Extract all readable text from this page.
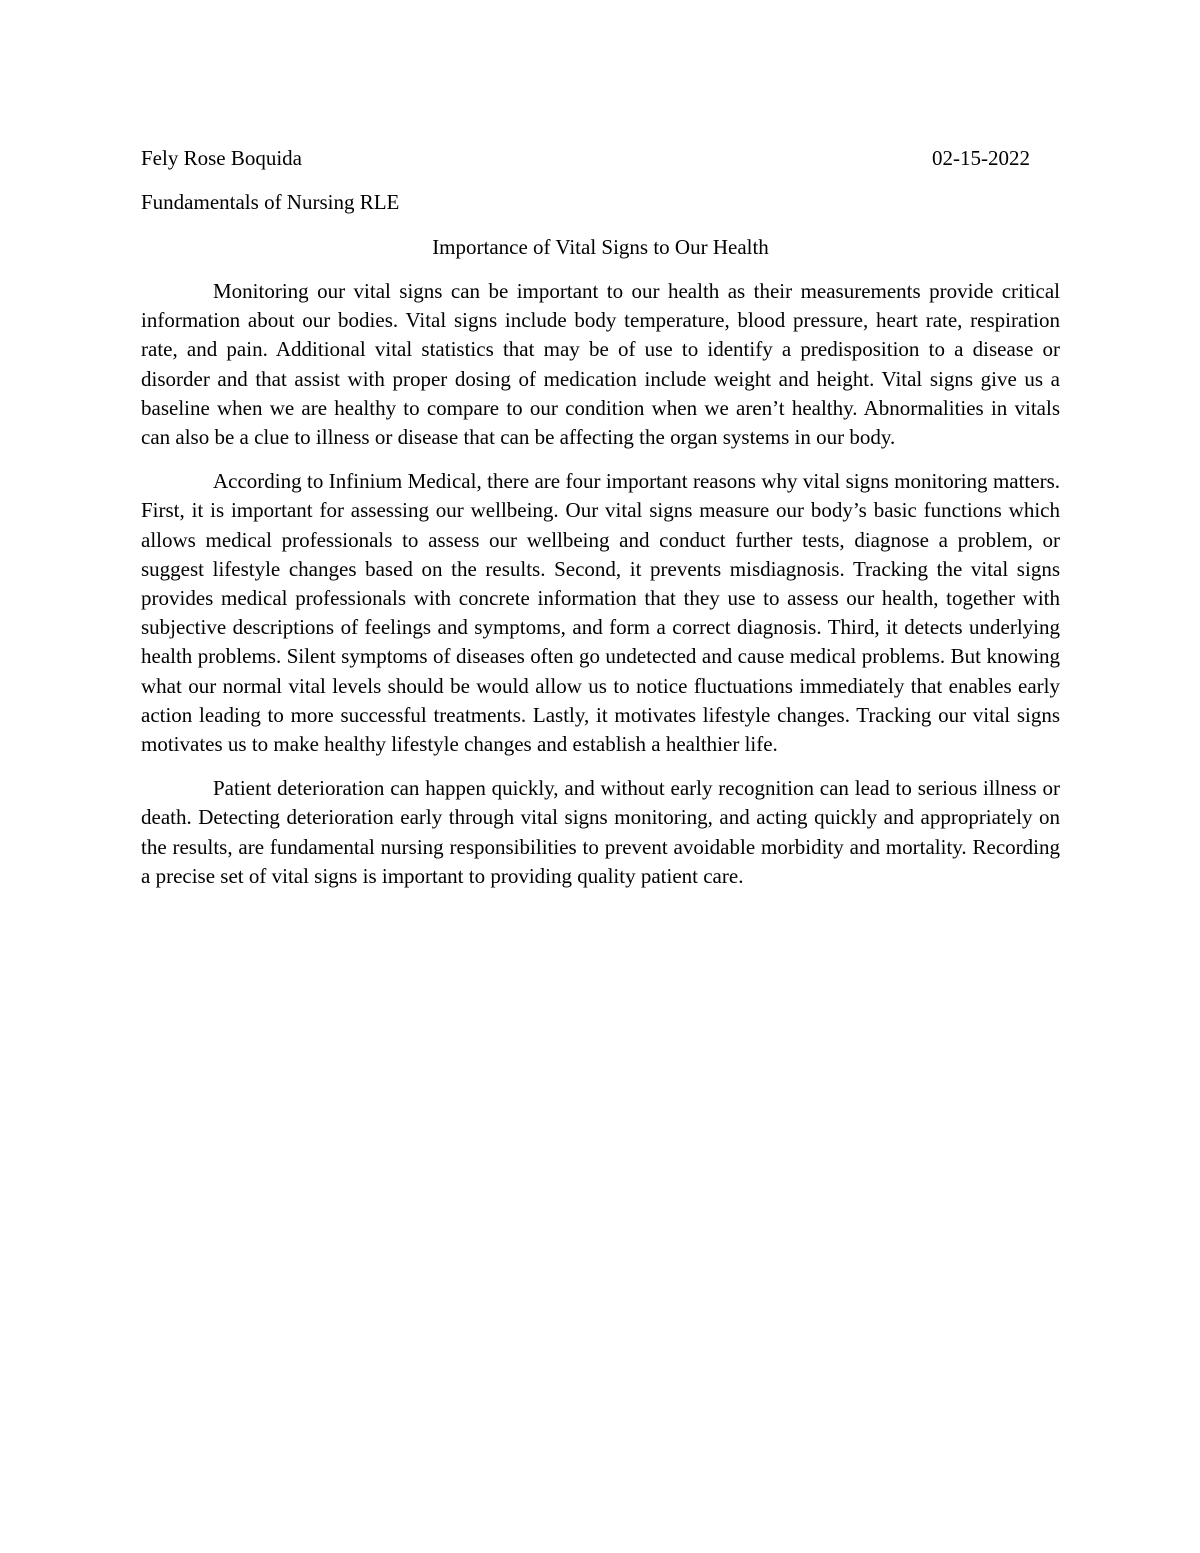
Fely Rose Boquida	02-15-2022
Fundamentals of Nursing RLE
Importance of Vital Signs to Our Health

Monitoring our vital signs can be important to our health as their measurements provide critical information about our bodies. Vital signs include body temperature, blood pressure, heart rate, respiration rate, and pain. Additional vital statistics that may be of use to identify a predisposition to a disease or disorder and that assist with proper dosing of medication include weight and height. Vital signs give us a baseline when we are healthy to compare to our condition when we aren’t healthy. Abnormalities in vitals can also be a clue to illness or disease that can be affecting the organ systems in our body.

According to Infinium Medical, there are four important reasons why vital signs monitoring matters. First, it is important for assessing our wellbeing. Our vital signs measure our body’s basic functions which allows medical professionals to assess our wellbeing and conduct further tests, diagnose a problem, or suggest lifestyle changes based on the results. Second, it prevents misdiagnosis. Tracking the vital signs provides medical professionals with concrete information that they use to assess our health, together with subjective descriptions of feelings and symptoms, and form a correct diagnosis. Third, it detects underlying health problems. Silent symptoms of diseases often go undetected and cause medical problems. But knowing what our normal vital levels should be would allow us to notice fluctuations immediately that enables early action leading to more successful treatments. Lastly, it motivates lifestyle changes. Tracking our vital signs motivates us to make healthy lifestyle changes and establish a healthier life.

Patient deterioration can happen quickly, and without early recognition can lead to serious illness or death. Detecting deterioration early through vital signs monitoring, and acting quickly and appropriately on the results, are fundamental nursing responsibilities to prevent avoidable morbidity and mortality. Recording a precise set of vital signs is important to providing quality patient care.
